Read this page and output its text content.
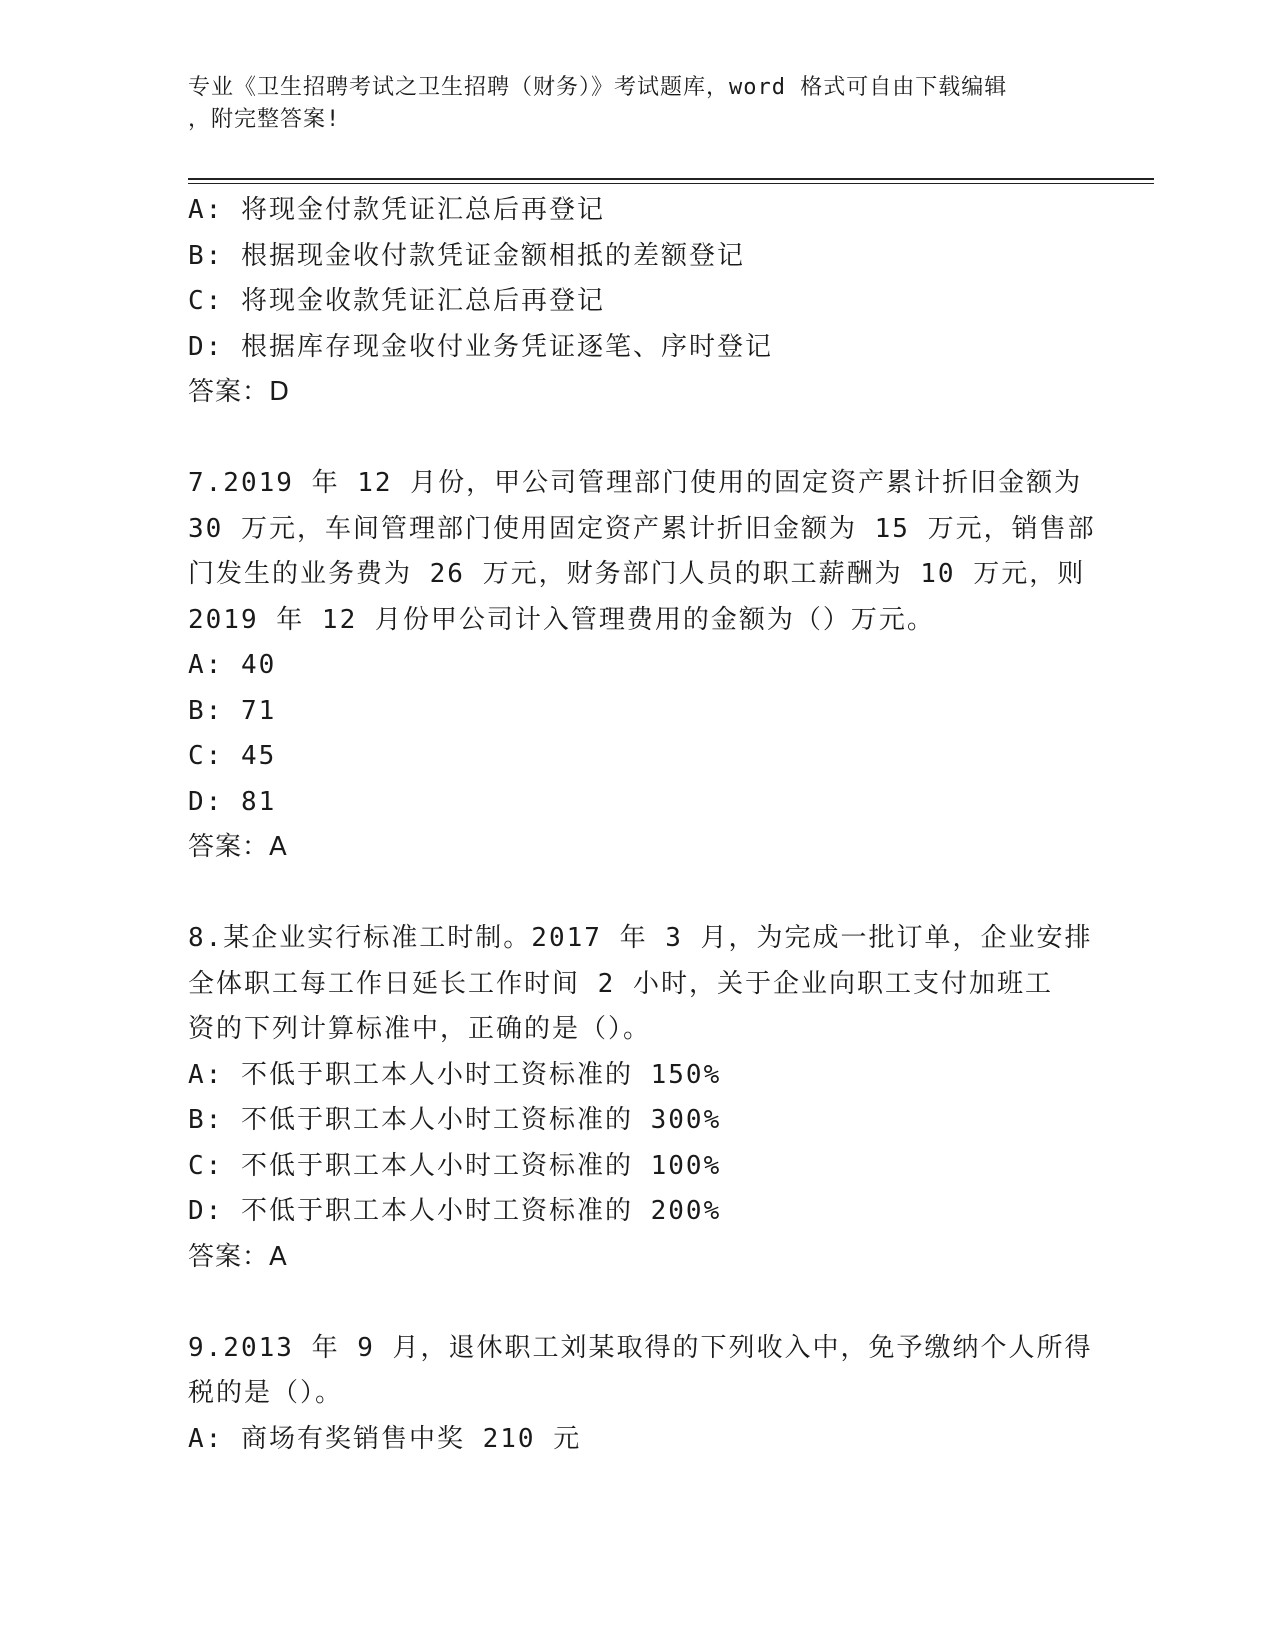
专业《卫生招聘考试之卫生招聘（财务）》考试题库，word 格式可自由下载编辑
，附完整答案!
A: 将现金付款凭证汇总后再登记
B: 根据现金收付款凭证金额相抵的差额登记
C: 将现金收款凭证汇总后再登记
D: 根据库存现金收付业务凭证逐笔、序时登记
答案：D
7.2019 年 12 月份，甲公司管理部门使用的固定资产累计折旧金额为
30 万元，车间管理部门使用固定资产累计折旧金额为 15 万元，销售部
门发生的业务费为 26 万元，财务部门人员的职工薪酬为 10 万元，则
2019 年 12 月份甲公司计入管理费用的金额为（）万元。
A: 40
B: 71
C: 45
D: 81
答案：A
8.某企业实行标准工时制。2017 年 3 月，为完成一批订单，企业安排
全体职工每工作日延长工作时间 2 小时，关于企业向职工支付加班工
资的下列计算标准中，正确的是（）。
A: 不低于职工本人小时工资标准的 150%
B: 不低于职工本人小时工资标准的 300%
C: 不低于职工本人小时工资标准的 100%
D: 不低于职工本人小时工资标准的 200%
答案：A
9.2013 年 9 月，退休职工刘某取得的下列收入中，免予缴纳个人所得
税的是（）。
A: 商场有奖销售中奖 210 元
